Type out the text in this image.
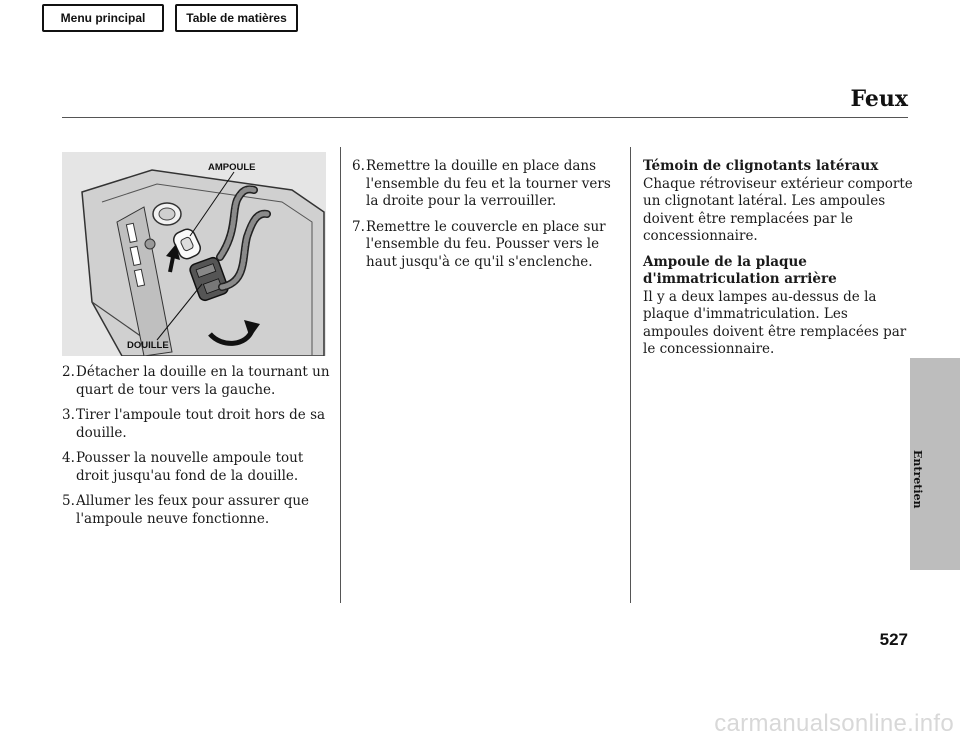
Menu principal	Table de matières
Feux
AMPOULE
DOUILLE
2.Détacher la douille en la tournant un quart de tour vers la gauche.
3.Tirer l'ampoule tout droit hors de sa douille.
4.Pousser la nouvelle ampoule tout droit jusqu'au fond de la douille.
5.Allumer les feux pour assurer que l'ampoule neuve fonctionne.
6.Remettre la douille en place dans l'ensemble du feu et la tourner vers la droite pour la verrouiller.
7.Remettre le couvercle en place sur l'ensemble du feu. Pousser vers le haut jusqu'à ce qu'il s'enclenche.

Témoin de clignotants latéraux

Chaque rétroviseur extérieur comporte un clignotant latéral. Les ampoules doivent être remplacées par le concessionnaire.

Ampoule de la plaque d'immatriculation arrière

Il y a deux lampes au-dessus de la plaque d'immatriculation. Les ampoules doivent être remplacées par le concessionnaire.

Entretien
527
carmanualsonline.info
